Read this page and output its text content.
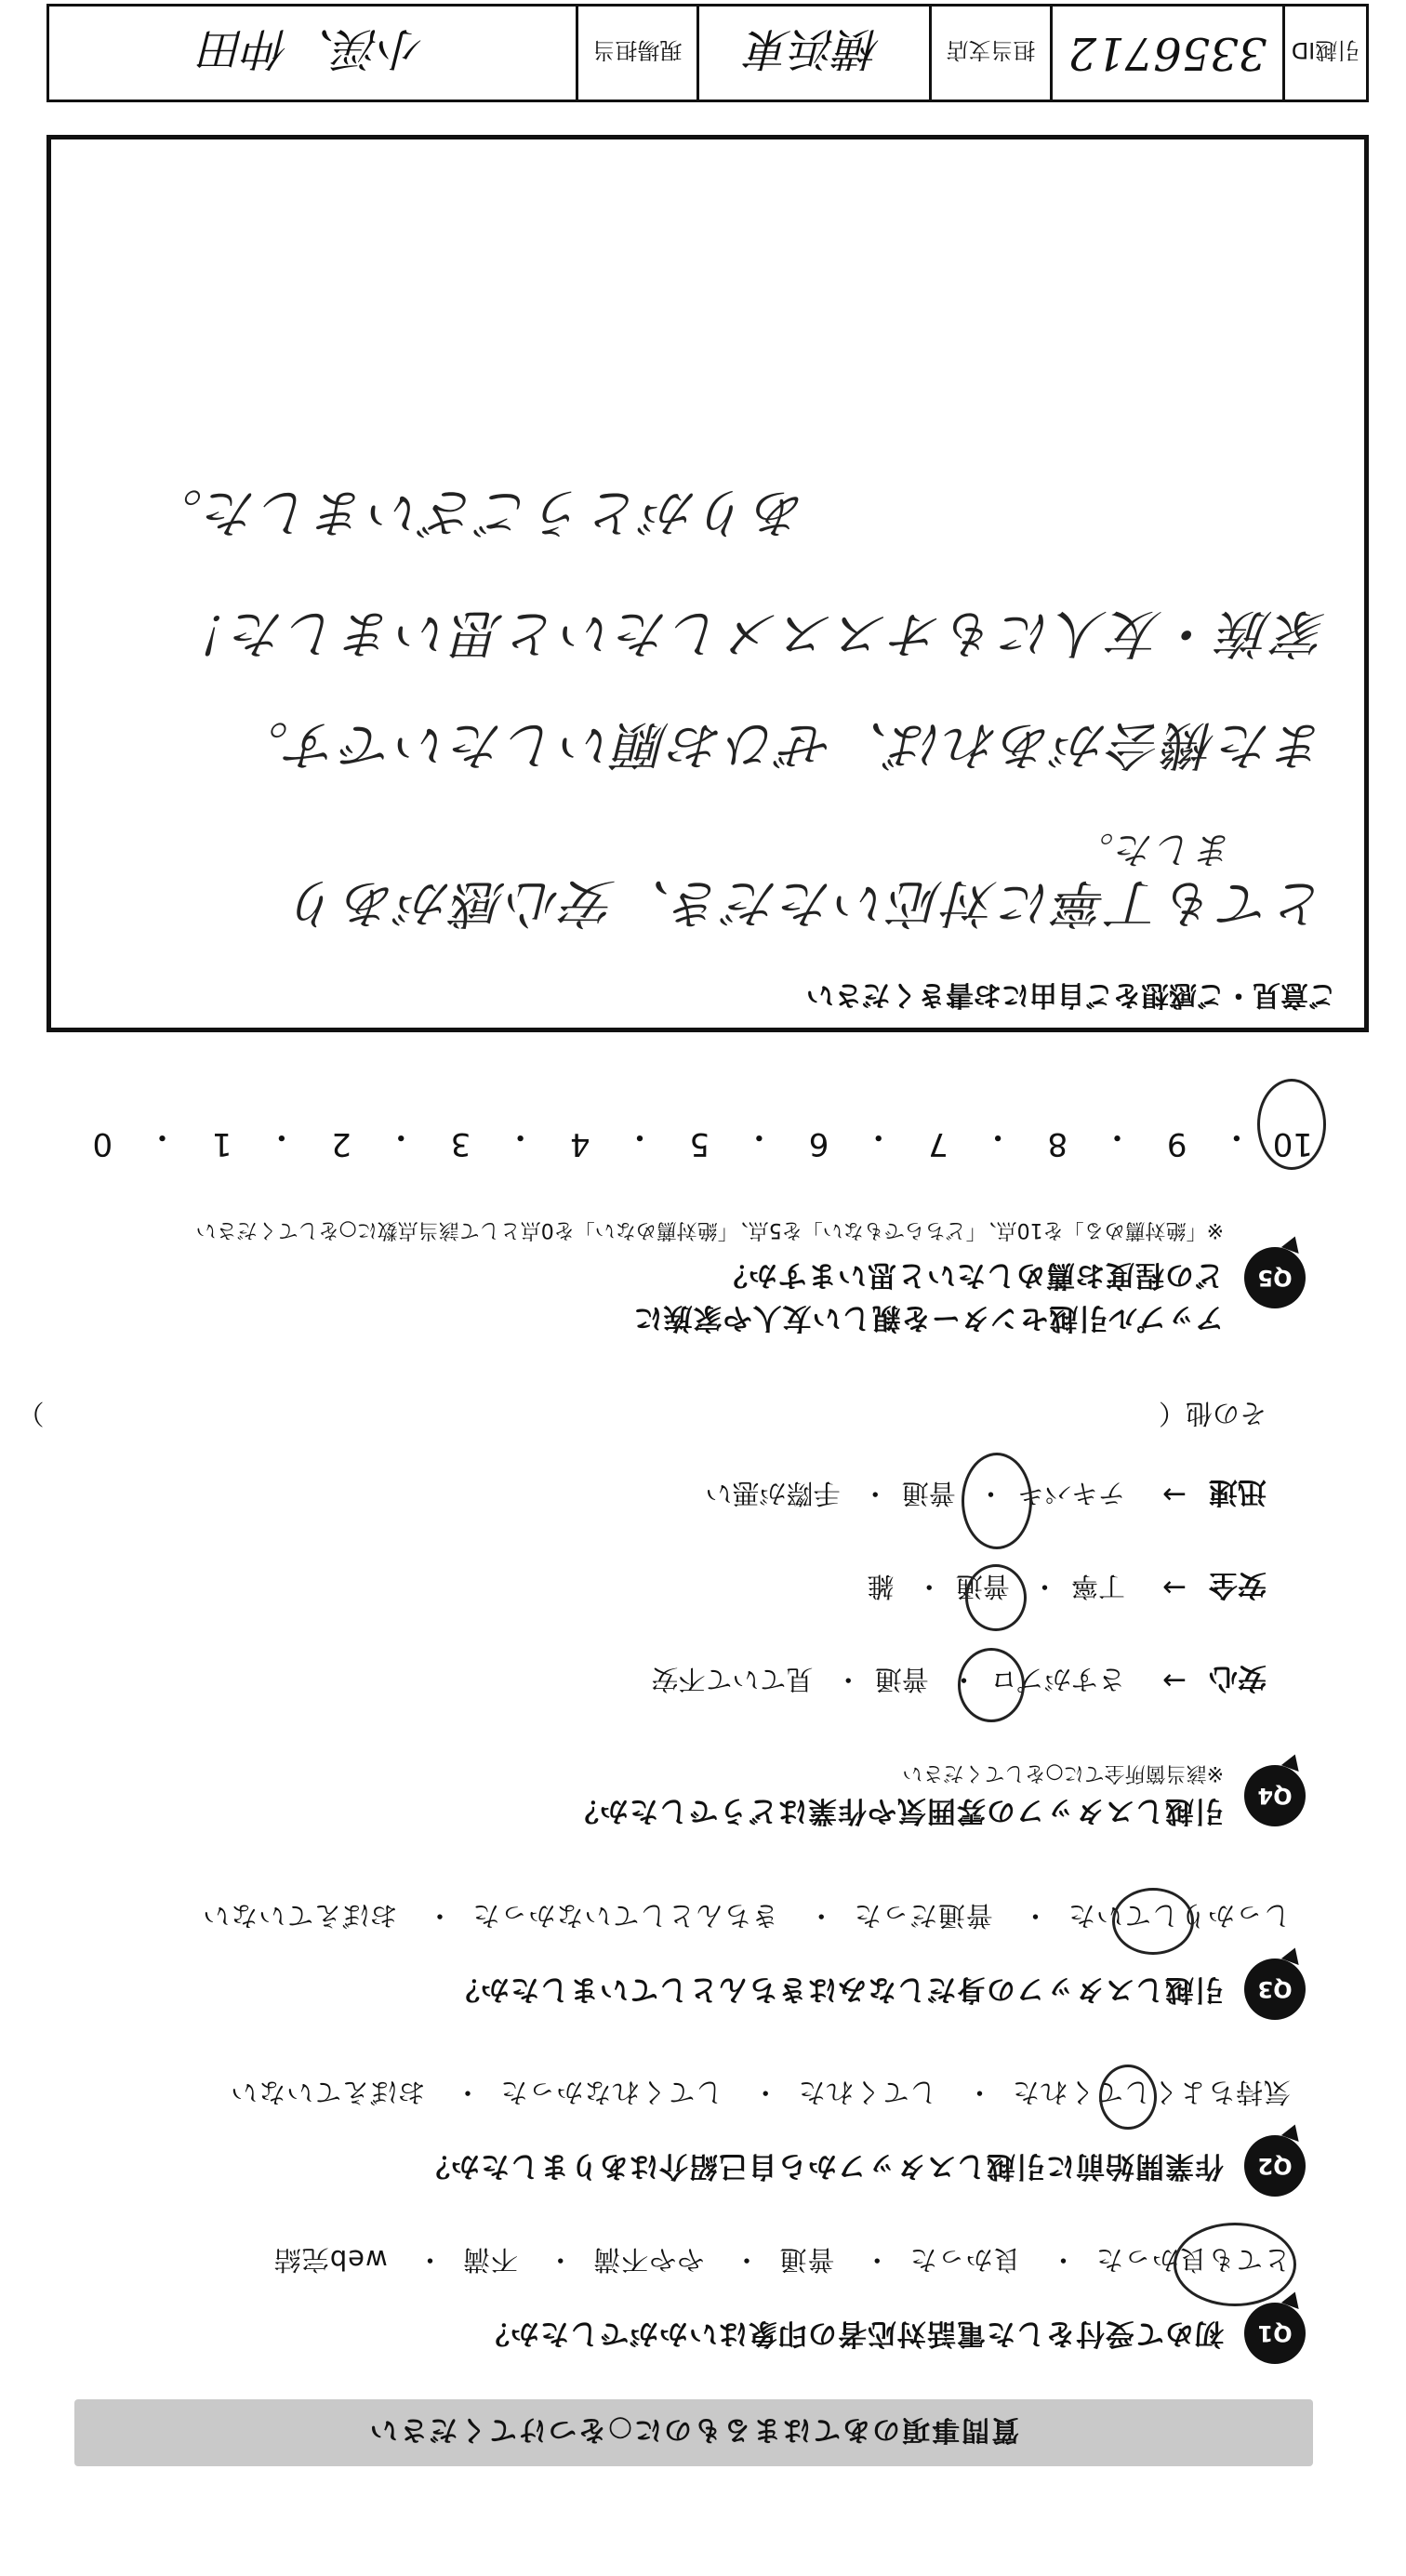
質問事項のあてはまるものに○をつけてください
Q1
初めて受付をした電話対応者の印象はいかがでしたか？
とても良かった・ 良かった・ 普通・ やや不満・ 不満・ web完結
Q2
作業開始前に引越しスタッフから自己紹介はありましたか？
気持ちよくしてくれた・ してくれた・ してくれなかった・ おぼえていない
Q3
引越しスタッフの身だしなみはきちんとしていましたか？
しっかりしていた・ 普通だった・ きちんとしていなかった・ おぼえていない
Q4
引越しスタッフの雰囲気や作業はどうでしたか？
※該当箇所全てに○をしてください
安心
→
さすがプロ・ 普通・ 見ていて不安
安全
→
丁寧・ 普通・ 雑
迅速
→
テキパキ・ 普通・ 手際が悪い
その他（  ）
Q5
アップル引越センターを親しい友人や家族に
どの程度お薦めしたいと思いますか？
※「絶対薦める」を10点、「どちらでもない」を5点、「絶対薦めない」を0点として該当点数に○をしてください
10
・
9
・
8
・
7
・
6
・
5
・
4
・
3
・
2
・
1
・
0
ご意見・ご感想をご自由にお書きください
とても丁寧に対応いただき、安心感があり
ました。
また機会があれば、ぜひお願いしたいです。
家族・友人にもオススメしたいと思いました！
ありがとうございました。
引越ID
3356712
担当支店
横浜東
現場担当
小渓、仲田
